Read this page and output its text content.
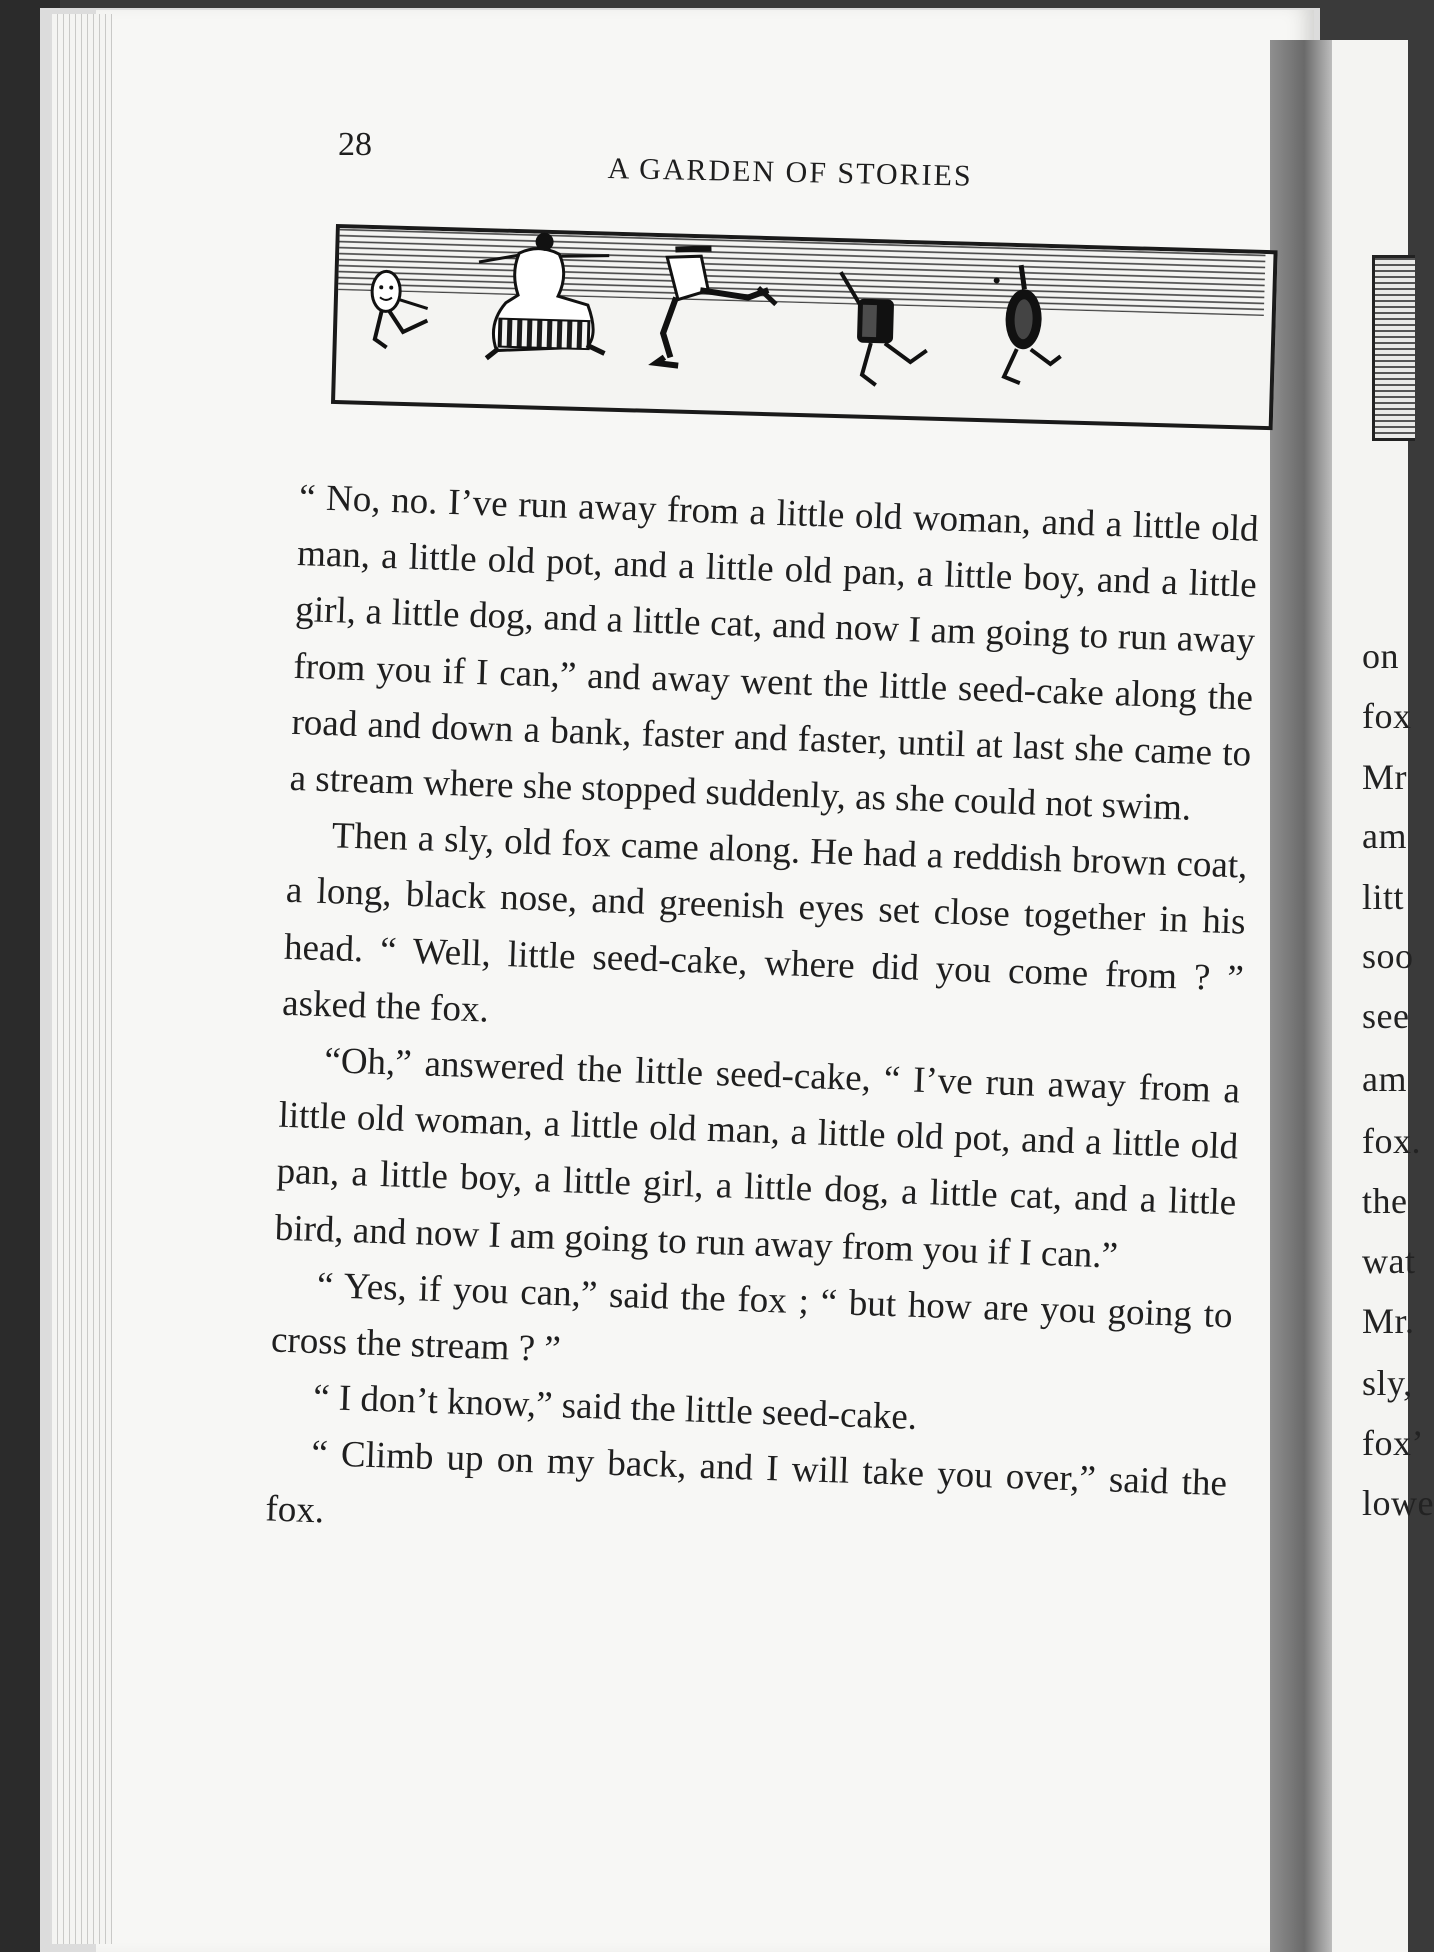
on
fox
Mr
am
litt
soo
see
am
fox.
the
wat
Mr.
sly,
fox’
lowe
28
A GARDEN OF STORIES

“ No, no. I’ve run away from a little old woman, and a little old man, a little old pot, and a little old pan, a little boy, and a little girl, a little dog, and a little cat, and now I am going to run away from you if I can,” and away went the little seed-cake along the road and down a bank, faster and faster, until at last she came to a stream where she stopped suddenly, as she could not swim.

Then a sly, old fox came along. He had a reddish brown coat, a long, black nose, and greenish eyes set close together in his head. “ Well, little seed-cake, where did you come from ? ” asked the fox.

“Oh,” answered the little seed-cake, “ I’ve run away from a little old woman, a little old man, a little old pot, and a little old pan, a little boy, a little girl, a little dog, a little cat, and a little bird, and now I am going to run away from you if I can.”

“ Yes, if you can,” said the fox ; “ but how are you going to cross the stream ? ”

“ I don’t know,” said the little seed-cake.

“ Climb up on my back, and I will take you over,” said the fox.
